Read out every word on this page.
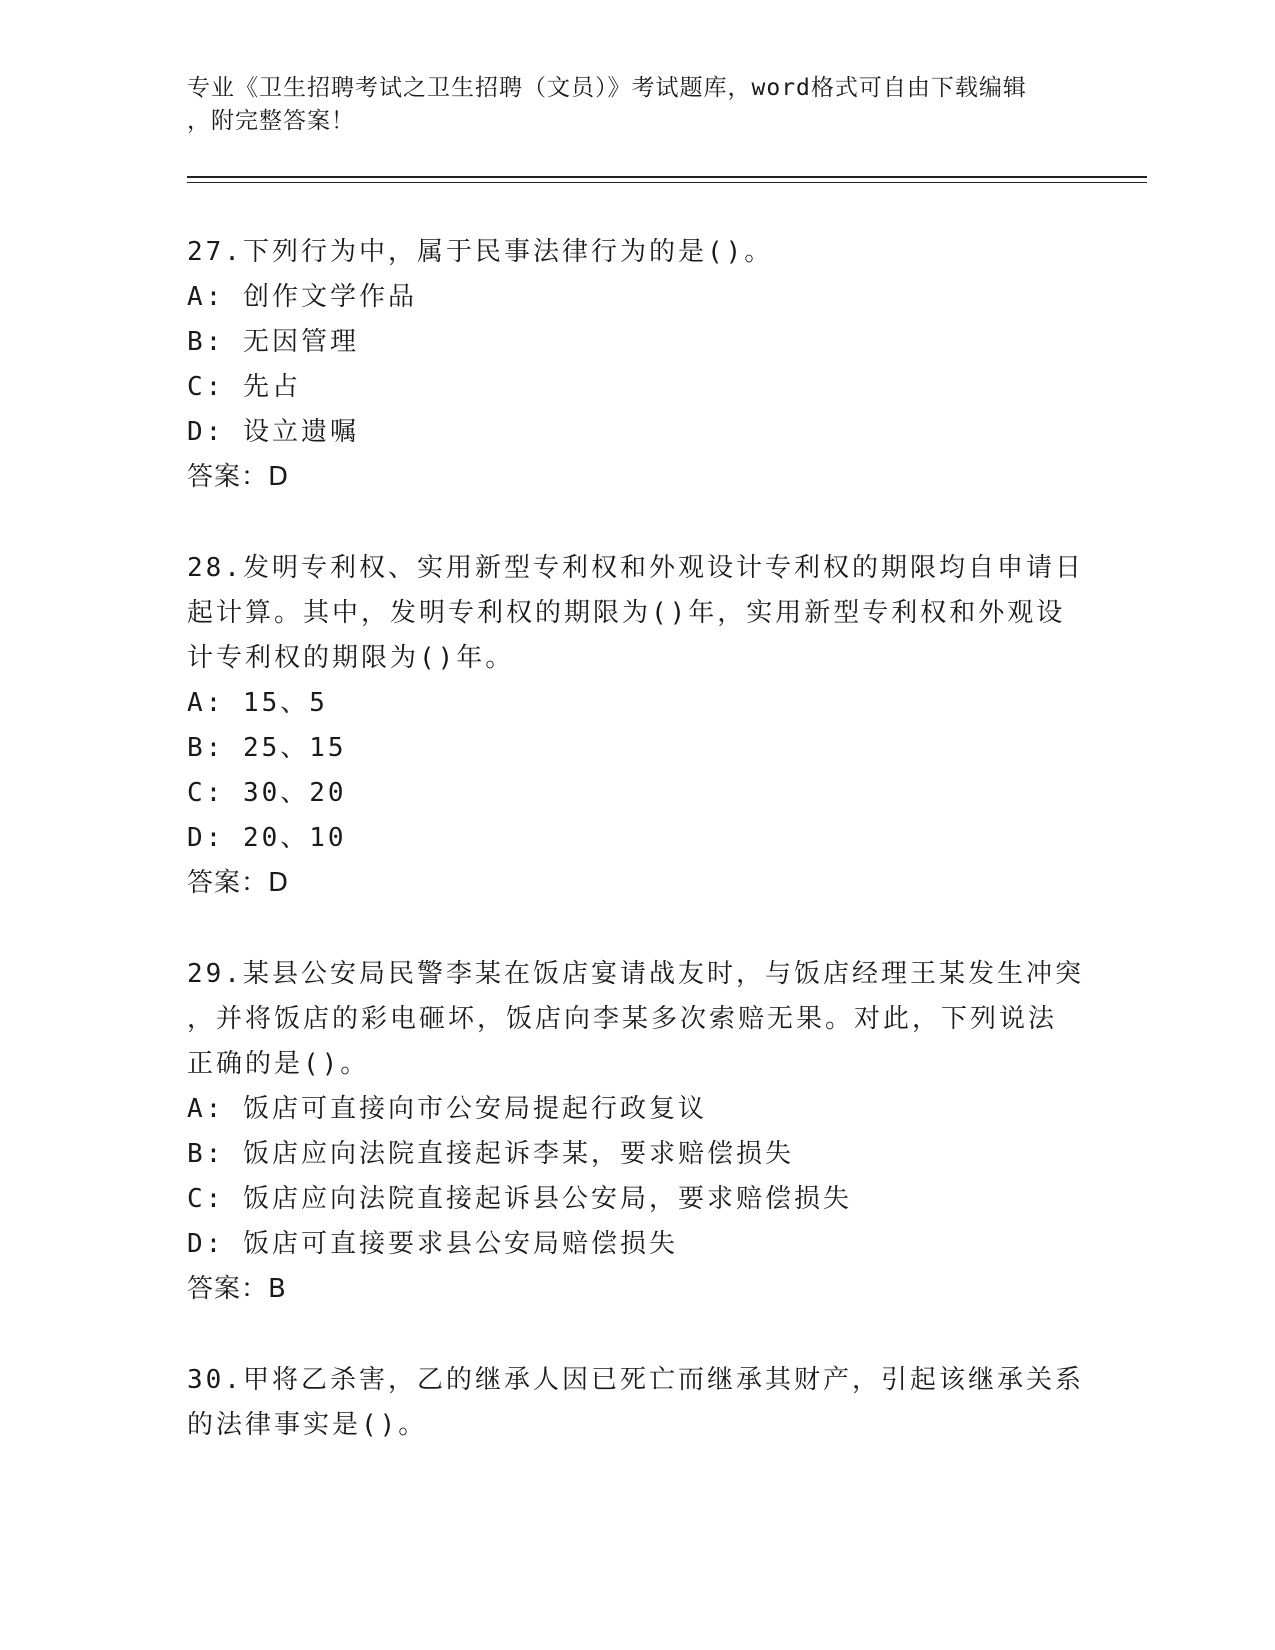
专业《卫生招聘考试之卫生招聘（文员）》考试题库，word格式可自由下载编辑
，附完整答案！

27.下列行为中，属于民事法律行为的是()。

A: 创作文学作品

B: 无因管理

C: 先占

D: 设立遗嘱

答案：D

28.发明专利权、实用新型专利权和外观设计专利权的期限均自申请日

起计算。其中，发明专利权的期限为()年，实用新型专利权和外观设

计专利权的期限为()年。

A: 15、5

B: 25、15

C: 30、20

D: 20、10

答案：D

29.某县公安局民警李某在饭店宴请战友时，与饭店经理王某发生冲突

，并将饭店的彩电砸坏，饭店向李某多次索赔无果。对此，下列说法

正确的是()。

A: 饭店可直接向市公安局提起行政复议

B: 饭店应向法院直接起诉李某，要求赔偿损失

C: 饭店应向法院直接起诉县公安局，要求赔偿损失

D: 饭店可直接要求县公安局赔偿损失

答案：B

30.甲将乙杀害，乙的继承人因已死亡而继承其财产，引起该继承关系

的法律事实是()。
